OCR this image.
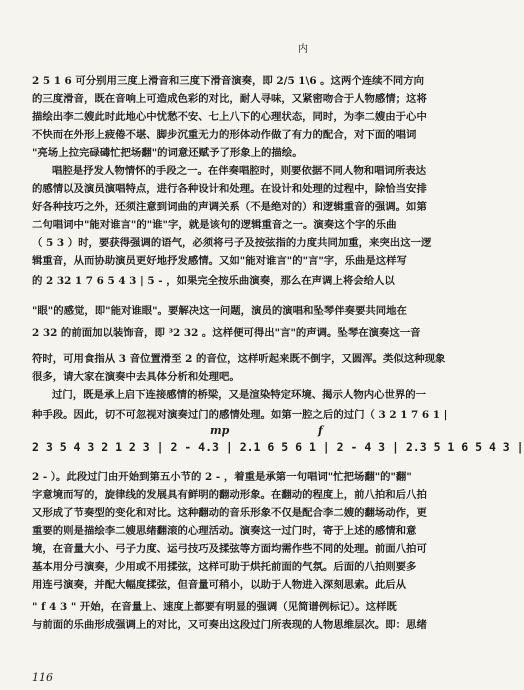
内
2 5 1 6 可分别用三度上滑音和三度下滑音演奏，即 2/5 1\6 。这两个连续不同方向
的三度滑音，既在音响上可造成色彩的对比，耐人寻味，又紧密吻合于人物感情；这将
描绘出李二嫂此时此地心中忧愁不安、七上八下的心理状态，同时，为李二嫂由于心中
不快而在外形上疲倦不堪、脚步沉重无力的形体动作做了有力的配合，对下面的唱词
"亮场上拉完碌碡忙把场翻"的词意还赋予了形象上的描绘。
唱腔是抒发人物情怀的手段之一。在伴奏唱腔时，则要依据不同人物和唱词所表达
的感情以及演员演唱特点，进行各种设计和处理。在设计和处理的过程中，除恰当安排
好各种技巧之外，还须注意到词曲的声调关系（不是绝对的）和逻辑重音的强调。如第
二句唱词中"能对谁言"的"谁"字，就是该句的逻辑重音之一。演奏这个字的乐曲
（ 5 3 ）时，要获得强调的语气，必须将弓子及按弦指的力度共同加重，来突出这一逻
辑重音，从而协助演员更好地抒发感情。又如"能对谁言"的"言"字，乐曲是这样写
的 2 32 1 7 6 5 4 3 | 5 - ，如果完全按乐曲演奏，那么在声调上将会给人以
"眼"的感觉，即"能对谁眼"。要解决这一问题，演员的演唱和坠琴伴奏要共同地在
2 32 的前面加以装饰音，即 ³2 32 。这样便可得出"言"的声调。坠琴在演奏这一音
符时，可用食指从 3 音位置滑至 2 的音位，这样听起来既不倒字，又圆浑。类似这种现象
很多，请大家在演奏中去具体分析和处理吧。
过门，既是承上启下连接感情的桥梁，又是渲染特定环境、揭示人物内心世界的一
种手段。因此，切不可忽视对演奏过门的感情处理。如第一腔之后的过门（ 3 2 1 7 6 1 |
mp	f
2 3 5 4 3 2 1 2 3 | 2 - 4.3 | 2.1 6 5 6 1 | 2 - 4 3 | 2.3 5 1 6 5 4 3 |
2 - ）。此段过门由开始到第五小节的 2 - ，着重是承第一句唱词"忙把场翻"的"翻"
字意境而写的，旋律线的发展具有鲜明的翻动形象。在翻动的程度上，前八拍和后八拍
又形成了节奏型的变化和对比。这种翻动的音乐形象不仅是配合李二嫂的翻场动作，更
重要的则是描绘李二嫂思绪翻滚的心理活动。演奏这一过门时，寄于上述的感情和意
境，在音量大小、弓子力度、运弓技巧及揉弦等方面均需作些不同的处理。前面八拍可
基本用分弓演奏，少用或不用揉弦，这样可助于烘托前面的气氛。后面的八拍则要多
用连弓演奏，并配大幅度揉弦，但音量可稍小，以助于人物进入深刻思索。此后从
" f 4 3 " 开始，在音量上、速度上都要有明显的强调（见简谱例标记）。这样既
与前面的乐曲形成强调上的对比，又可奏出这段过门所表现的人物思维层次。即：思绪
116
